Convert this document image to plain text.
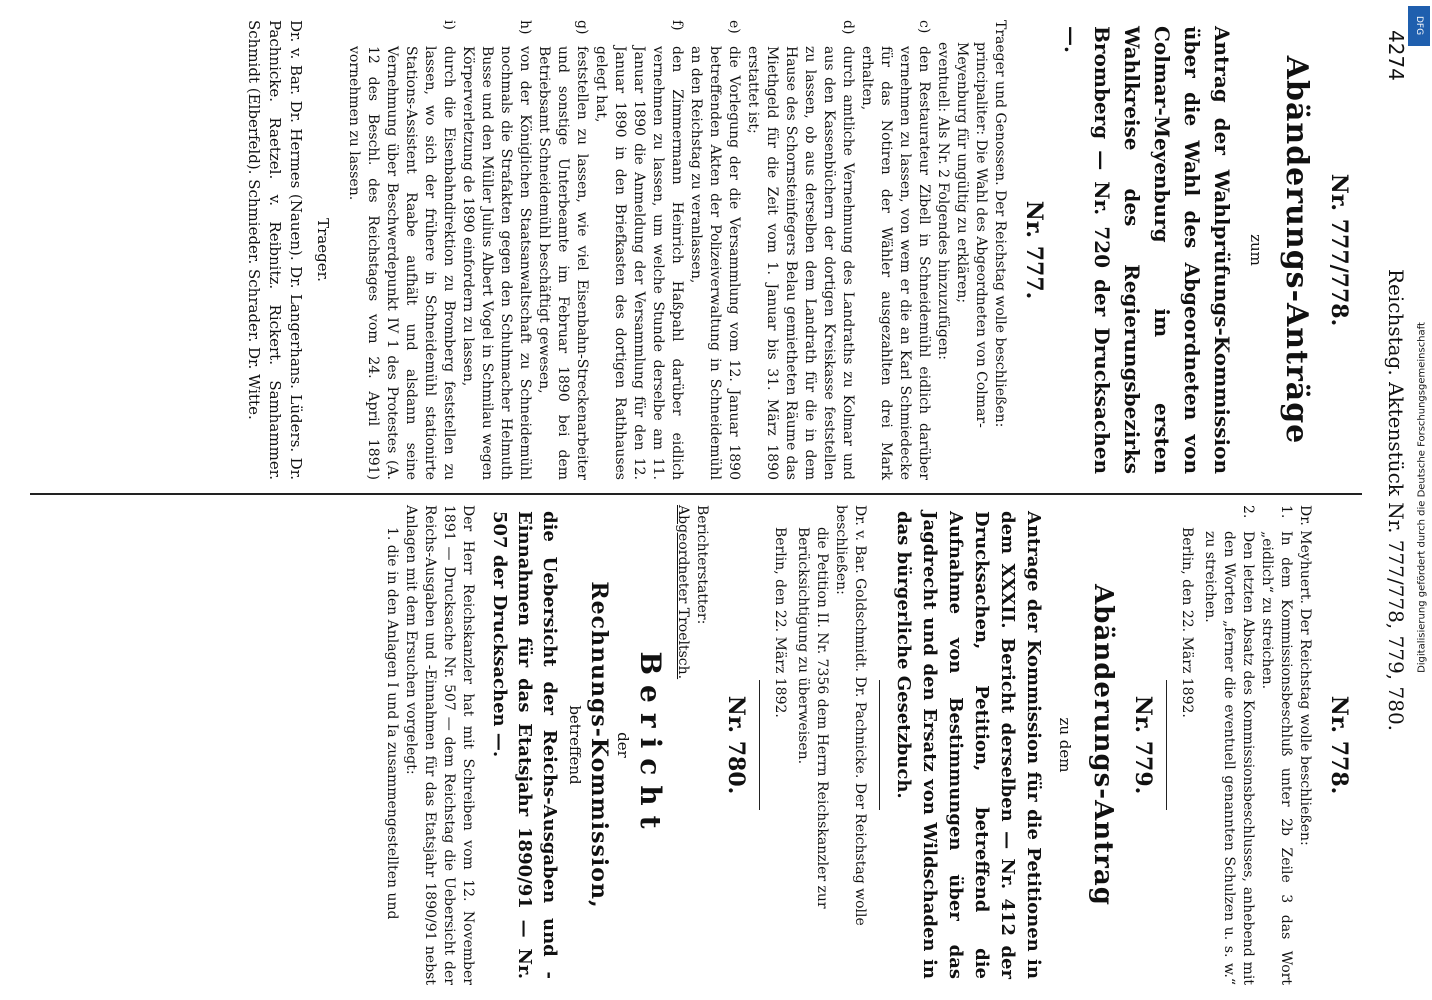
4274
Reichstag. Aktenstück Nr. 777/778, 779, 780.
Nr. 777/778.
Abänderungs-Anträge
zum
Antrag der Wahlprüfungs-Kommission über die Wahl des Abgeordneten von Colmar-Meyenburg im ersten Wahlkreise des Regierungsbezirks Bromberg — Nr. 720 der Drucksachen —.
Nr. 777.

Traeger und Genossen. Der Reichstag wolle beschließen:

principaliter: Die Wahl des Abgeordneten von Colmar-Meyenburg für ungültig zu erklären;

eventuell: Als Nr. 2 Folgendes hinzuzufügen:

c)
den Restaurateur Zibell in Schneidemühl eidlich darüber vernehmen zu lassen, von wem er die an Karl Schmiedecke für das Notiren der Wähler ausgezahlten drei Mark erhalten,
d)
durch amtliche Vernehmung des Landraths zu Kolmar und aus den Kassenbüchern der dortigen Kreiskasse feststellen zu lassen, ob aus derselben dem Landrath für die in dem Hause des Schornsteinfegers Belau gemietheten Räume das Miethgeld für die Zeit vom 1. Januar bis 31. März 1890 erstattet ist;
e)
die Vorlegung der die Versammlung vom 12. Januar 1890 betreffenden Akten der Polizeiverwaltung in Schneidemühl an den Reichstag zu veranlassen,
f)
den Zimmermann Heinrich Haßpahl darüber eidlich vernehmen zu lassen, um welche Stunde derselbe am 11. Januar 1890 die Anmeldung der Versammlung für den 12. Januar 1890 in den Briefkasten des dortigen Rathhauses gelegt hat,
g)
feststellen zu lassen, wie viel Eisenbahn-Streckenarbeiter und sonstige Unterbeamte im Februar 1890 bei dem Betriebsamt Schneidemühl beschäftigt gewesen,
h)
von der Königlichen Staatsanwaltschaft zu Schneidemühl nochmals die Strafakten gegen den Schuhmacher Helmuth Busse und den Müller Julius Albert Vogel in Schmilau wegen Körperverletzung de 1890 einfordern zu lassen,
i)
durch die Eisenbahndirektion zu Bromberg feststellen zu lassen, wo sich der frühere in Schneidemühl stationirte Stations-Assistent Raabe aufhält und alsdann seine Vernehmung über Beschwerdepunkt IV 1 des Protestes (A. 12 des Beschl. des Reichstages vom 24. April 1891) vornehmen zu lassen.
Traeger.

Dr. v. Bar. Dr. Hermes (Nauen). Dr. Langerhans. Lüders. Dr. Pachnicke. Raetzel. v. Reibnitz. Rickert. Samhammer. Schmidt (Elberfeld). Schmieder. Schrader. Dr. Witte.

Nr. 778.

Dr. Meyhuert. Der Reichstag wolle beschließen:

1.
In dem Kommissionsbeschluß unter 2b Zeile 3 das Wort „eidlich“ zu streichen.
2.
Den letzten Absatz des Kommissionsbeschlusses, anhebend mit den Worten „ferner die eventuell genannten Schulzen u. s. w.“ zu streichen.

Berlin, den 22. März 1892.

Nr. 779.
Abänderungs-Antrag
zu dem
Antrage der Kommission für die Petitionen in dem XXXII. Bericht derselben — Nr. 412 der Drucksachen, Petition, betreffend die Aufnahme von Bestimmungen über das Jagdrecht und den Ersatz von Wildschaden in das bürgerliche Gesetzbuch.

Dr. v. Bar. Goldschmidt. Dr. Pachnicke. Der Reichstag wolle beschließen:

die Petition II. Nr. 7356 dem Herrn Reichskanzler zur Berücksichtigung zu überweisen.

Berlin, den 22. März 1892.

Nr. 780.

Berichterstatter:

Abgeordneter Troeltsch.

Bericht
der
Rechnungs-Kommission,
betreffend
die Uebersicht der Reichs-Ausgaben und -Einnahmen für das Etatsjahr 1890/91 — Nr. 507 der Drucksachen —.

Der Herr Reichskanzler hat mit Schreiben vom 12. November 1891 — Drucksache Nr. 507 — dem Reichstag die Uebersicht der Reichs-Ausgaben und -Einnahmen für das Etatsjahr 1890/91 nebst Anlagen mit dem Ersuchen vorgelegt:

1. die in den Anlagen I und Ia zusammengestellten und

Digitalisierung gefördert durch die Deutsche Forschungsgemeinschaft
DFG
